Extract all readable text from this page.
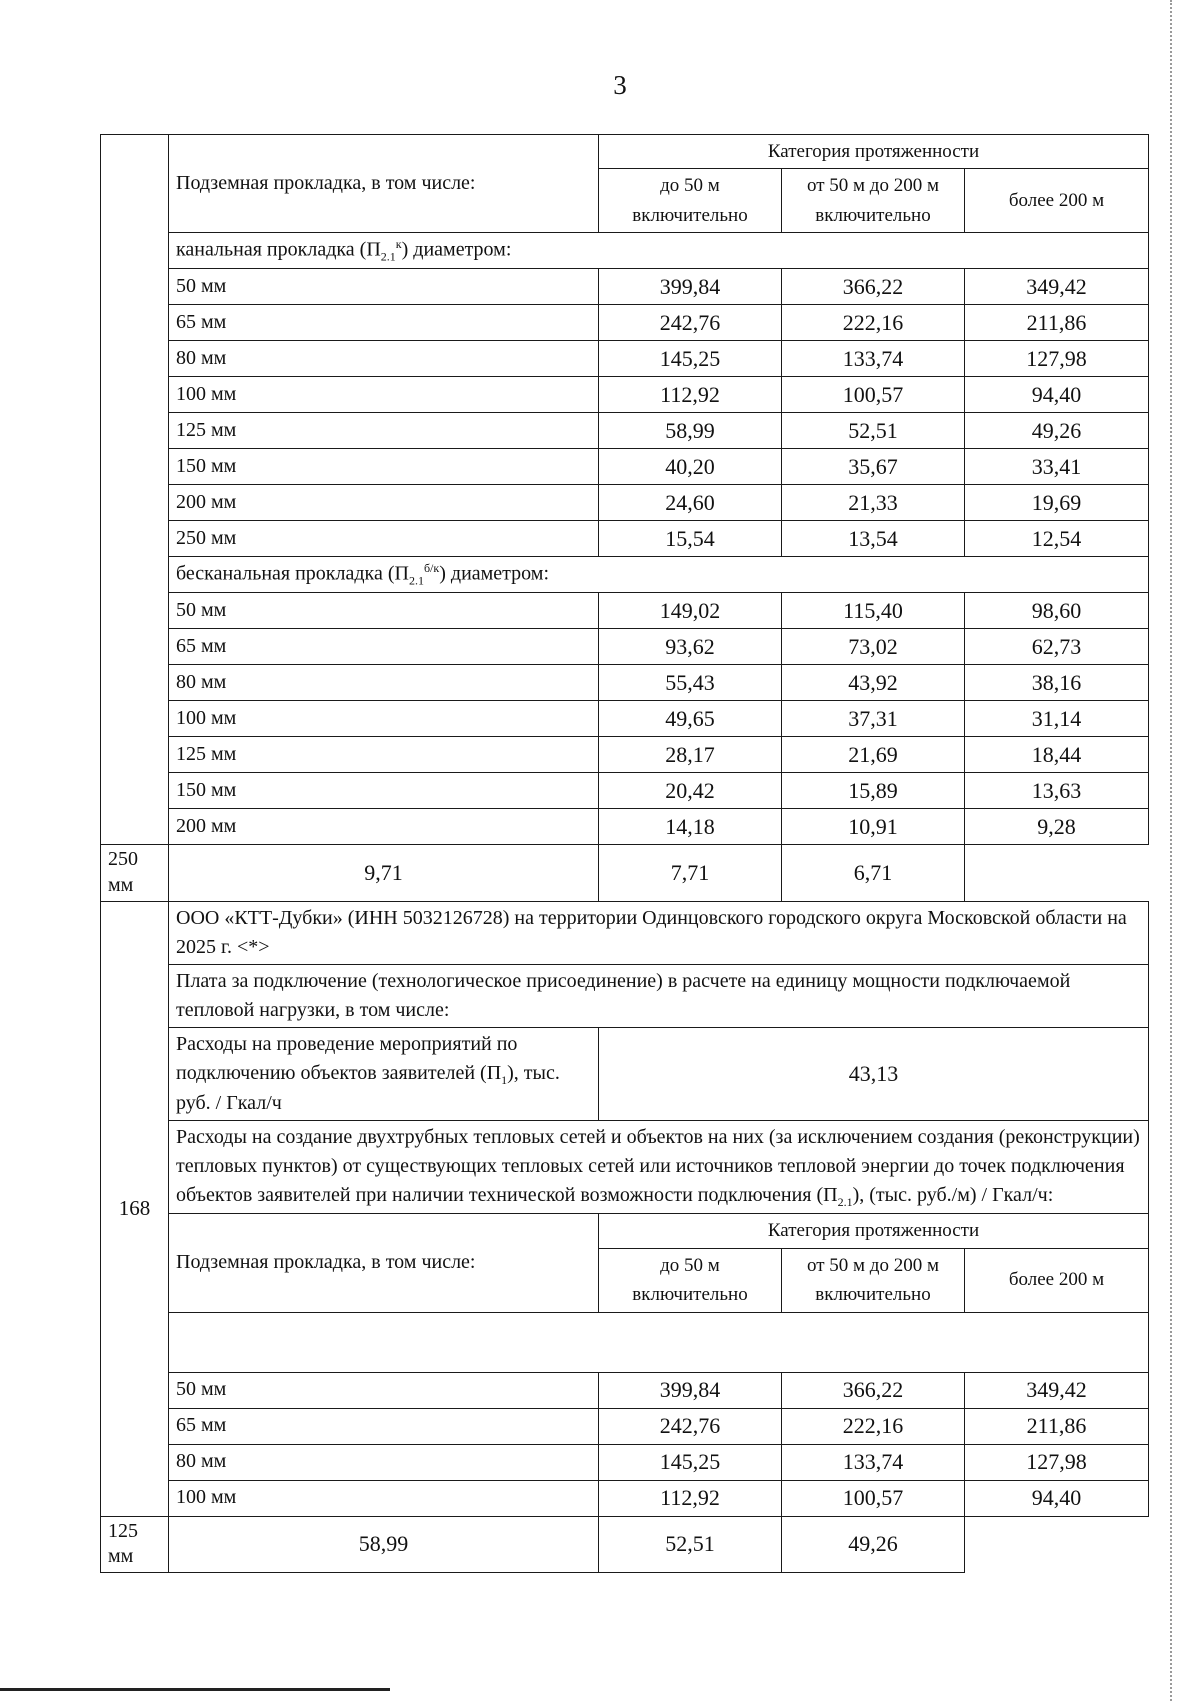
3
	Подземная прокладка, в том числе:	Категория протяженности		
		до 50 м включительно	от 50 м до 200 м включительно	более 200 м
	канальная прокладка $(П_{2.1}^к)$ диаметром:			
	50 мм	399,84	366,22	349,42
	65 мм	242,76	222,16	211,86
	80 мм	145,25	133,74	127,98
	100 мм	112,92	100,57	94,40
	125 мм	58,99	52,51	49,26
	150 мм	40,20	35,67	33,41
	200 мм	24,60	21,33	19,69
	250 мм	15,54	13,54	12,54
	бесканальная прокладка $(П_{2.1}^{б/к})$ диаметром:			
	50 мм	149,02	115,40	98,60
	65 мм	93,62	73,02	62,73
	80 мм	55,43	43,92	38,16
	100 мм	49,65	37,31	31,14
	125 мм	28,17	21,69	18,44
	150 мм	20,42	15,89	13,63
	200 мм	14,18	10,91	9,28
250 мм	9,71	7,71	6,71	
168	ООО «КТТ-Дубки» (ИНН 5032126728) на территории Одинцовского городского округа Московской области на 2025 г. <*>			
	Плата за подключение (технологическое присоединение) в расчете на единицу мощности подключаемой тепловой нагрузки, в том числе:			
	Расходы на проведение мероприятий по подключению объектов заявителей $(П_1)$, тыс. руб. / Гкал/ч	43,13		
	Расходы на создание двухтрубных тепловых сетей и объектов на них (за исключением создания (реконструкции) тепловых пунктов) от существующих тепловых сетей или источников тепловой энергии до точек подключения объектов заявителей при наличии технической возможности подключения $(П_{2.1})$, (тыс. руб./м) / Гкал/ч:			
	Подземная прокладка, в том числе:	Категория протяженности		
		до 50 м включительно	от 50 м до 200 м включительно	более 200 м

	50 мм	399,84	366,22	349,42
	65 мм	242,76	222,16	211,86
	80 мм	145,25	133,74	127,98
	100 мм	112,92	100,57	94,40
125 мм	58,99	52,51	49,26	
